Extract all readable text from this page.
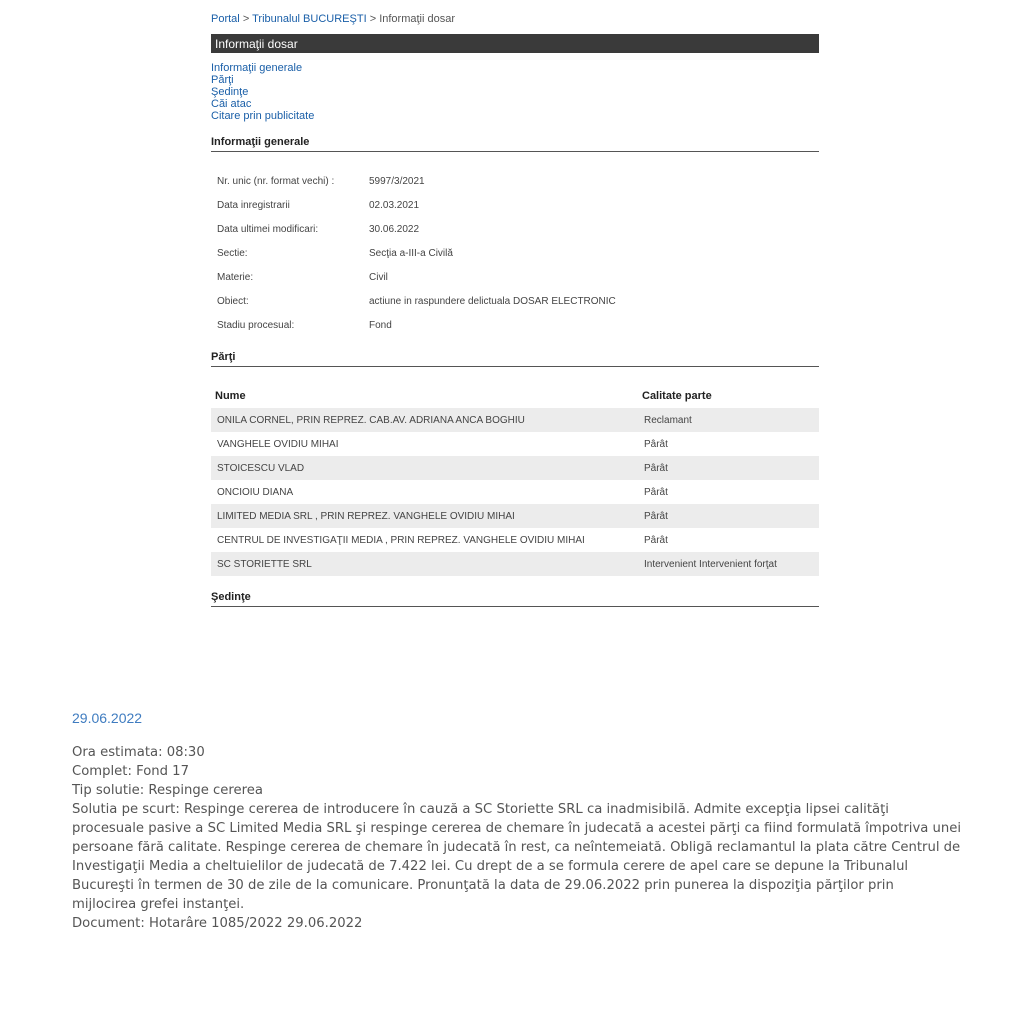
Portal > Tribunalul BUCUREŞTI > Informaţii dosar
Informaţii dosar
Informaţii generale
Părţi
Şedinţe
Căi atac
Citare prin publicitate
Informaţii generale
Nr. unic (nr. format vechi) :	5997/3/2021
Data inregistrarii	02.03.2021
Data ultimei modificari:	30.06.2022
Sectie:	Secţia a-III-a Civilă
Materie:	Civil
Obiect:	actiune in raspundere delictuala DOSAR ELECTRONIC
Stadiu procesual:	Fond
Părţi
Nume	Calitate parte
ONILA CORNEL, PRIN REPREZ. CAB.AV. ADRIANA ANCA BOGHIU	Reclamant
VANGHELE OVIDIU MIHAI	Pârât
STOICESCU VLAD	Pârât
ONCIOIU DIANA	Pârât
LIMITED MEDIA SRL , PRIN REPREZ. VANGHELE OVIDIU MIHAI	Pârât
CENTRUL DE INVESTIGAŢII MEDIA , PRIN REPREZ. VANGHELE OVIDIU MIHAI	Pârât
SC STORIETTE SRL	Intervenient Intervenient forţat
Şedinţe
29.06.2022

Ora estimata: 08:30

Complet: Fond 17

Tip solutie: Respinge cererea

Solutia pe scurt: Respinge cererea de introducere în cauză a SC Storiette SRL ca inadmisibilă. Admite excepţia lipsei calităţi procesuale pasive a SC Limited Media SRL şi respinge cererea de chemare în judecată a acestei părţi ca fiind formulată împotriva unei persoane fără calitate. Respinge cererea de chemare în judecată în rest, ca neîntemeiată. Obligă reclamantul la plata către Centrul de Investigaţii Media a cheltuielilor de judecată de 7.422 lei. Cu drept de a se formula cerere de apel care se depune la Tribunalul Bucureşti în termen de 30 de zile de la comunicare. Pronunţată la data de 29.06.2022 prin punerea la dispoziţia părţilor prin mijlocirea grefei instanţei.

Document: Hotarâre 1085/2022 29.06.2022
